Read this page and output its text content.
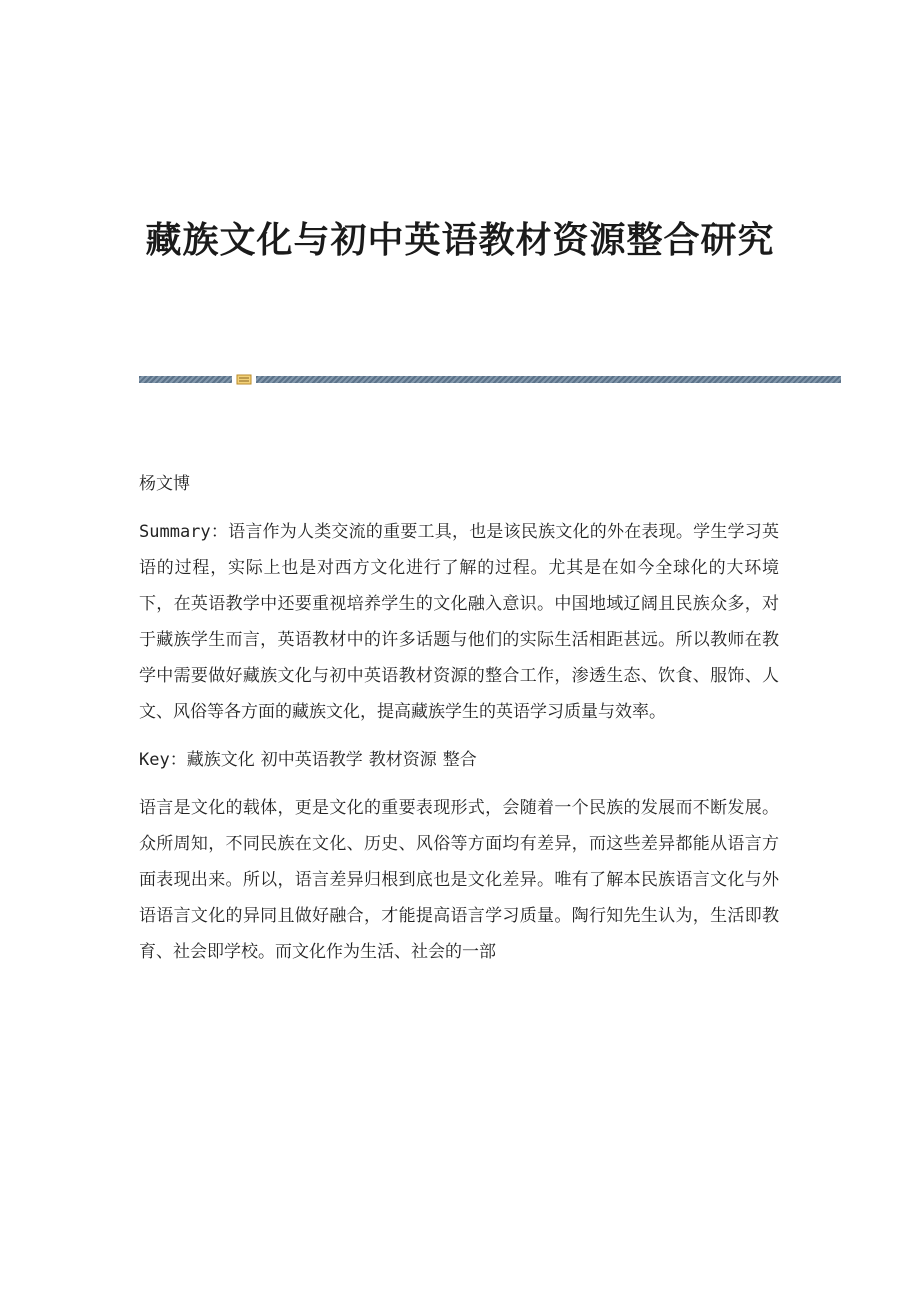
藏族文化与初中英语教材资源整合研究

杨文博

Summary：语言作为人类交流的重要工具，也是该民族文化的外在表现。学生学习英语的过程，实际上也是对西方文化进行了解的过程。尤其是在如今全球化的大环境下，在英语教学中还要重视培养学生的文化融入意识。中国地域辽阔且民族众多，对于藏族学生而言，英语教材中的许多话题与他们的实际生活相距甚远。所以教师在教学中需要做好藏族文化与初中英语教材资源的整合工作，渗透生态、饮食、服饰、人文、风俗等各方面的藏族文化，提高藏族学生的英语学习质量与效率。

Key：藏族文化 初中英语教学 教材资源 整合

语言是文化的载体，更是文化的重要表现形式，会随着一个民族的发展而不断发展。众所周知，不同民族在文化、历史、风俗等方面均有差异，而这些差异都能从语言方面表现出来。所以，语言差异归根到底也是文化差异。唯有了解本民族语言文化与外语语言文化的异同且做好融合，才能提高语言学习质量。陶行知先生认为，生活即教育、社会即学校。而文化作为生活、社会的一部
